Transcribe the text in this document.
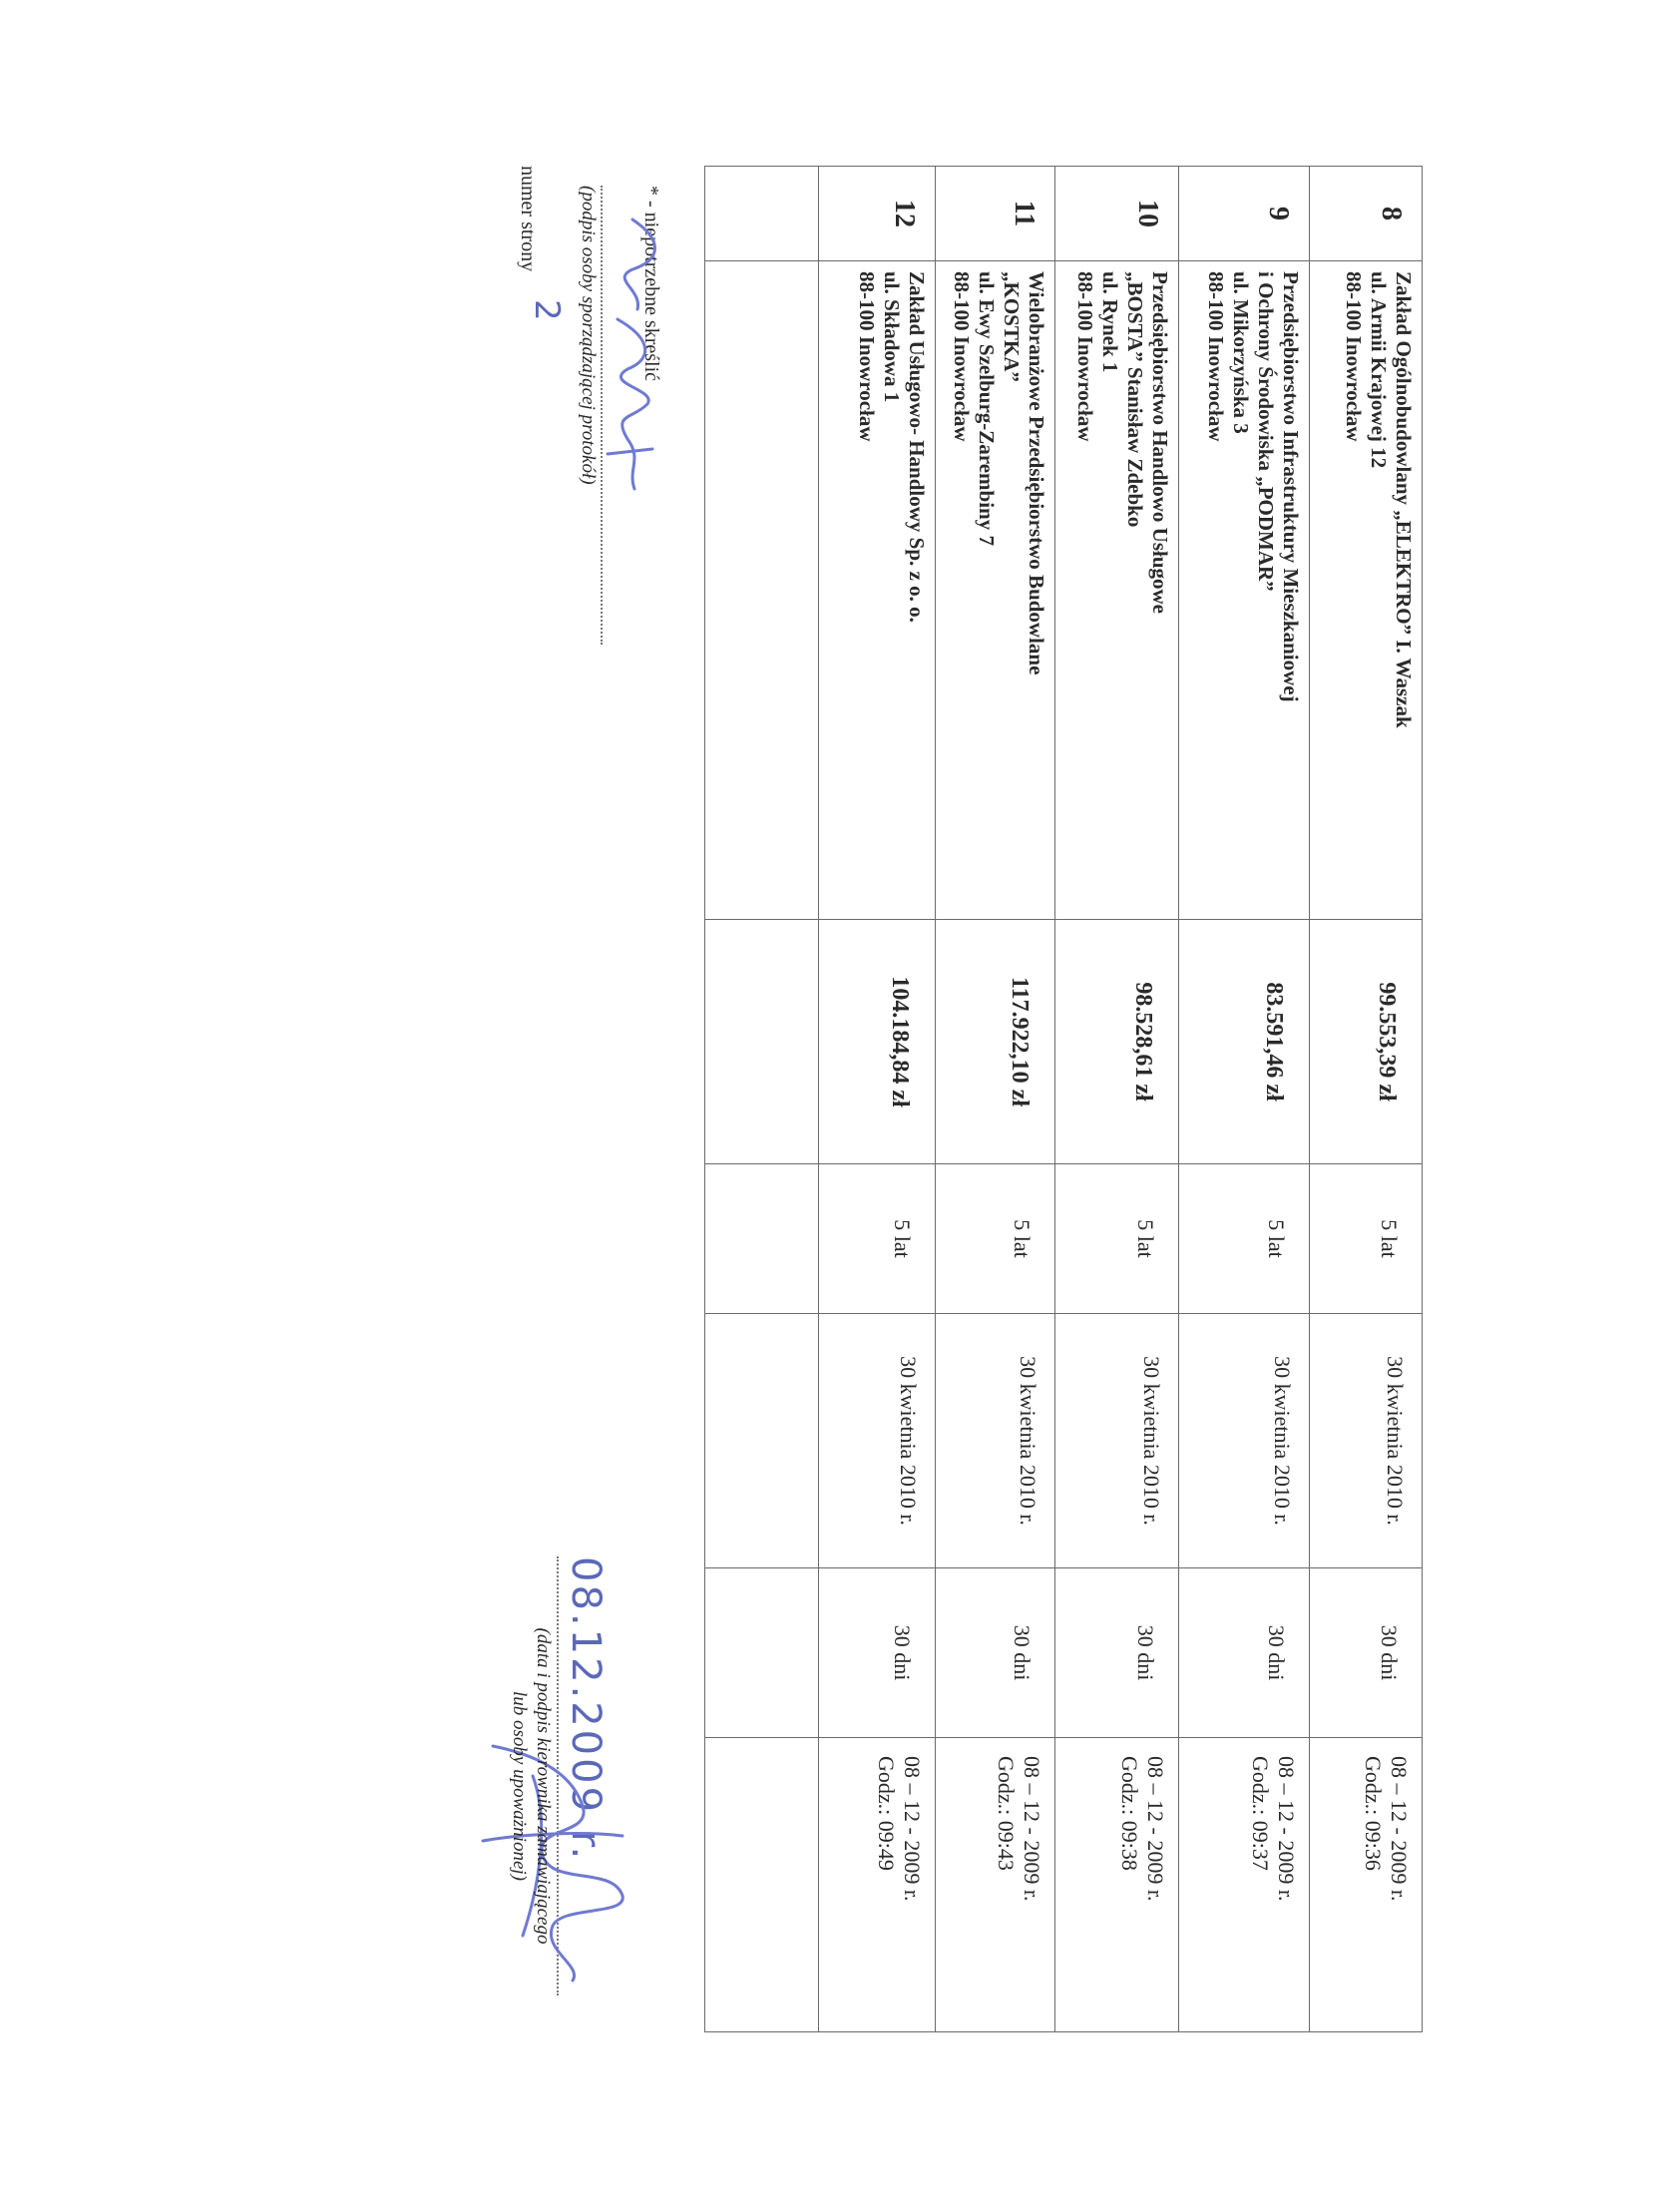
8	Zakład Ogólnobudowlany „ELEKTRO” I. Waszak
ul. Armii Krajowej 12
88-100 Inowrocław	99.553,39 zł	5 lat	30 kwietnia 2010 r.	30 dni	08 – 12 - 2009 r.
Godz.: 09:36

9	Przedsiębiorstwo Infrastruktury Mieszkaniowej
i Ochrony Środowiska „PODMAR”
ul. Mikorzyńska 3
88-100 Inowrocław	83.591,46 zł	5 lat	30 kwietnia 2010 r.	30 dni	08 – 12 - 2009 r.
Godz.: 09:37

10	Przedsiębiorstwo Handlowo Usługowe
„BOSTA” Stanisław Zdebko
ul. Rynek 1
88-100 Inowrocław	98.528,61 zł	5 lat	30 kwietnia 2010 r.	30 dni	08 – 12 - 2009 r.
Godz.: 09:38

11	Wielobranżowe Przedsiębiorstwo Budowlane
„KOSTKA”
ul. Ewy Szelburg-Zarembiny 7
88-100 Inowrocław	117.922,10 zł	5 lat	30 kwietnia 2010 r.	30 dni	08 – 12 - 2009 r.
Godz.: 09:43

12	Zakład Usługowo- Handlowy Sp. z o. o.
ul. Składowa 1
88-100 Inowrocław	104.184,84 zł	5 lat	30 kwietnia 2010 r.	30 dni	08 – 12 - 2009 r.
Godz.: 09:49

* - niepotrzebne skreślić
(podpis osoby sporządzającej protokół)
numer strony
2
08.12.2009 r.
(data i podpis kierownika zamawiającego
lub osoby upoważnionej)
